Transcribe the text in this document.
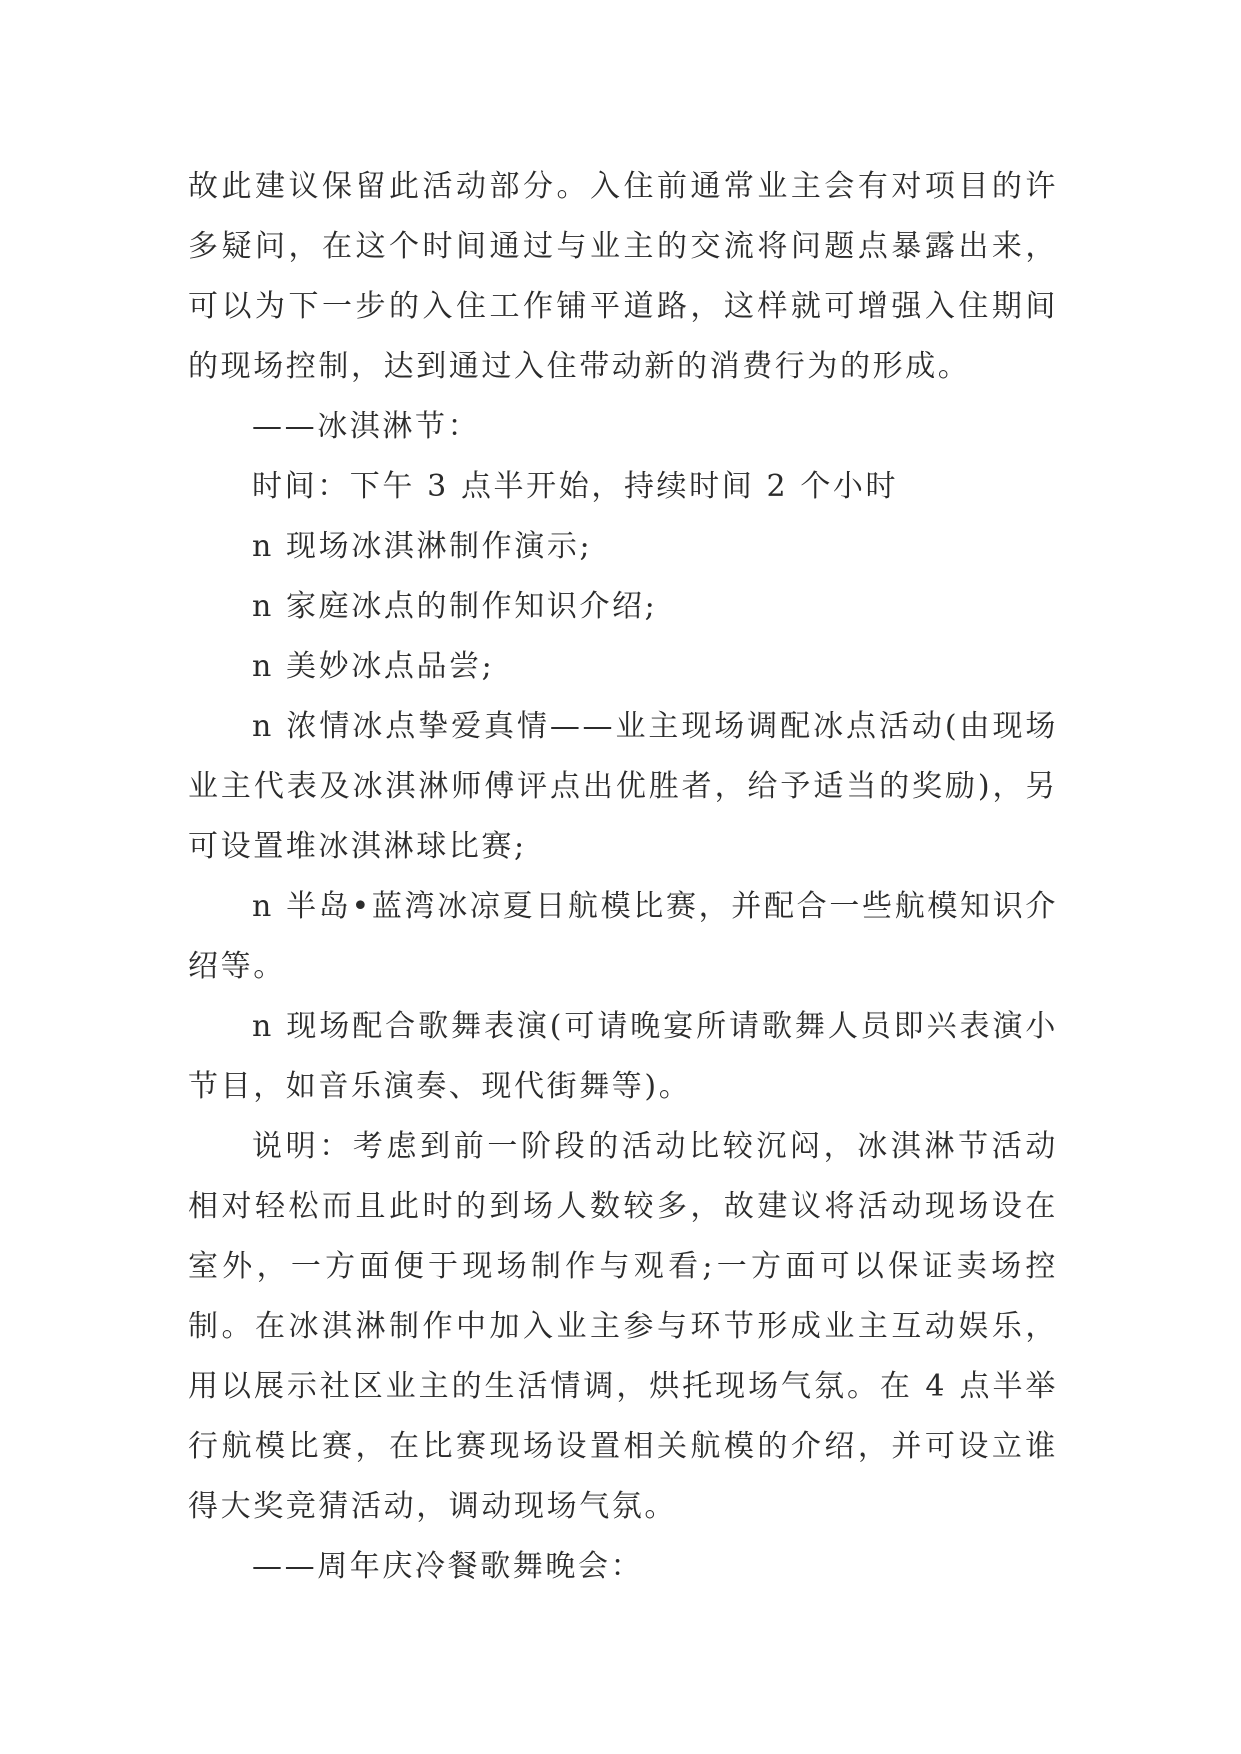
故此建议保留此活动部分。入住前通常业主会有对项目的许多疑问，在这个时间通过与业主的交流将问题点暴露出来，可以为下一步的入住工作铺平道路，这样就可增强入住期间的现场控制，达到通过入住带动新的消费行为的形成。

——冰淇淋节：

时间：下午 3 点半开始，持续时间 2 个小时

n 现场冰淇淋制作演示;

n 家庭冰点的制作知识介绍;

n 美妙冰点品尝;

n 浓情冰点挚爱真情——业主现场调配冰点活动(由现场业主代表及冰淇淋师傅评点出优胜者，给予适当的奖励)，另可设置堆冰淇淋球比赛;

n 半岛•蓝湾冰凉夏日航模比赛，并配合一些航模知识介绍等。

n 现场配合歌舞表演(可请晚宴所请歌舞人员即兴表演小节目，如音乐演奏、现代街舞等)。

说明：考虑到前一阶段的活动比较沉闷，冰淇淋节活动相对轻松而且此时的到场人数较多，故建议将活动现场设在室外，一方面便于现场制作与观看;一方面可以保证卖场控制。在冰淇淋制作中加入业主参与环节形成业主互动娱乐，用以展示社区业主的生活情调，烘托现场气氛。在 4 点半举行航模比赛，在比赛现场设置相关航模的介绍，并可设立谁得大奖竞猜活动，调动现场气氛。

——周年庆冷餐歌舞晚会：
